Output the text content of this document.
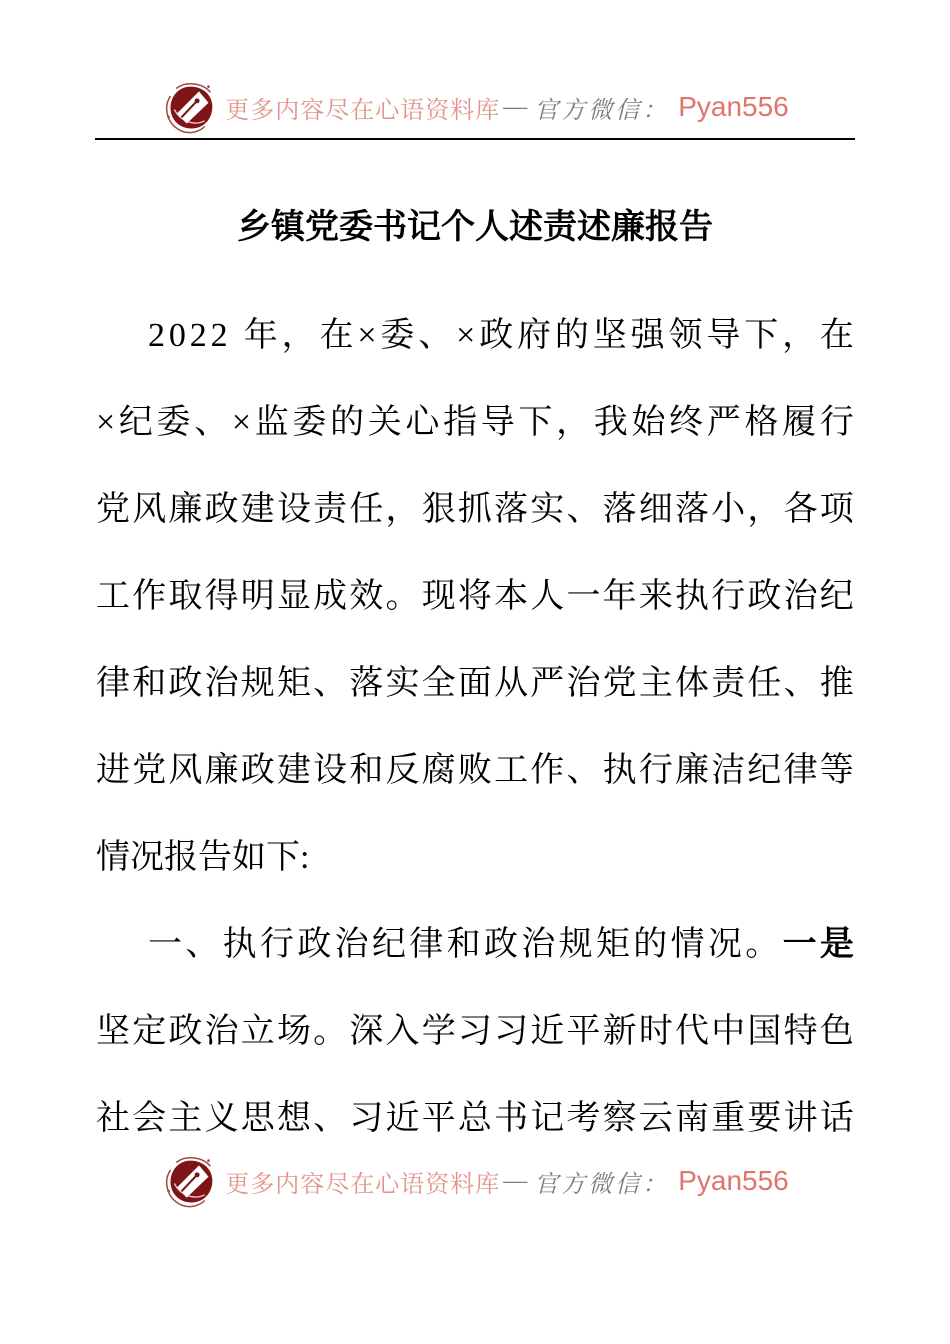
更多内容尽在心语资料库 — 官方微信： Pyan556
乡镇党委书记个人述责述廉报告
2 0 2 2
年 ， 在 × 委 、 × 政 府 的 坚 强 领 导 下 ， 在
× 纪 委 、 × 监 委 的 关 心 指 导 下 ， 我 始 终 严 格 履 行
党 风 廉 政 建 设 责 任 ， 狠 抓 落 实 、 落 细 落 小 ， 各 项
工 作 取 得 明 显 成 效 。 现 将 本 人 一 年 来 执 行 政 治 纪
律 和 政 治 规 矩 、 落 实 全 面 从 严 治 党 主 体 责 任 、 推
进 党 风 廉 政 建 设 和 反 腐 败 工 作 、 执 行 廉 洁 纪 律 等
情况报告如下:
一 、 执 行 政 治 纪 律 和 政 治 规 矩 的 情 况 。 一 是
坚 定 政 治 立 场 。 深 入 学 习 习 近 平 新 时 代 中 国 特 色
社 会 主 义 思 想 、 习 近 平 总 书 记 考 察 云 南 重 要 讲 话
更多内容尽在心语资料库 — 官方微信： Pyan556
